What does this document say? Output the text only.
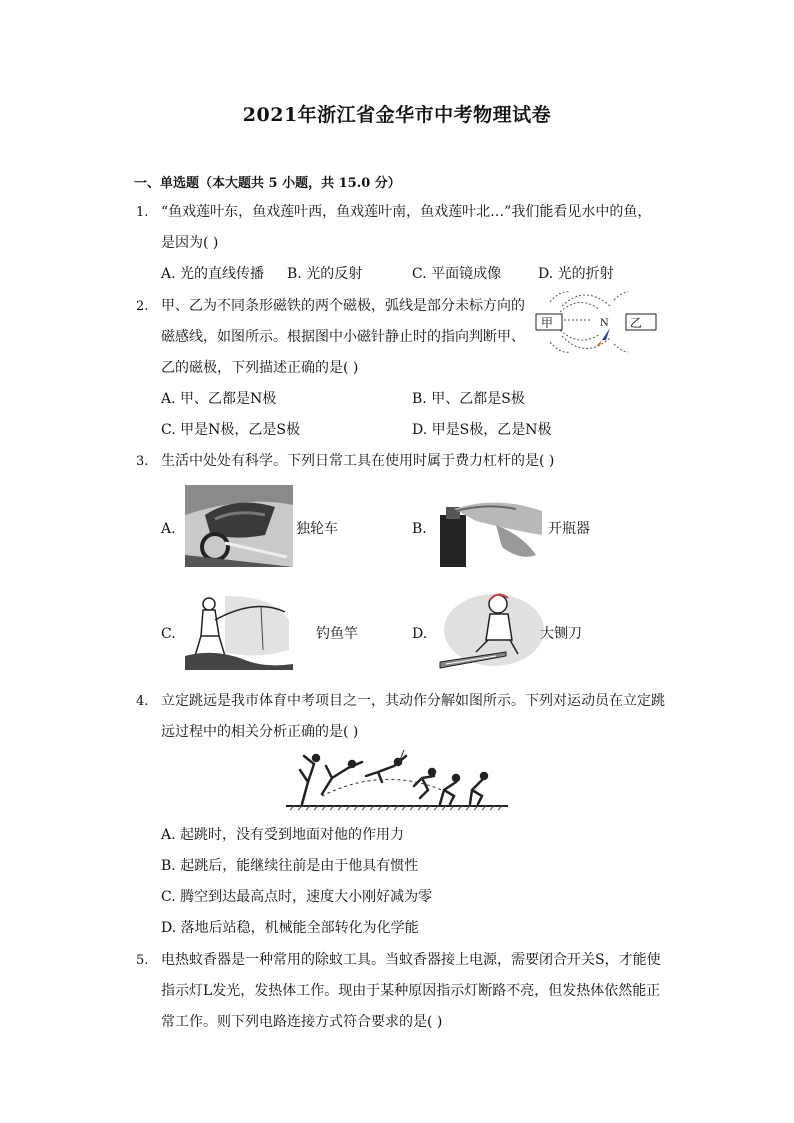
2021年浙江省金华市中考物理试卷
一、单选题（本大题共 5 小题，共 15.0 分）
1. “鱼戏莲叶东，鱼戏莲叶西，鱼戏莲叶南，鱼戏莲叶北…”我们能看见水中的鱼，
是因为( )
A. 光的直线传播 B. 光的反射	C. 平面镜成像	D. 光的折射
2. 甲、乙为不同条形磁铁的两个磁极，弧线是部分未标方向的
磁感线，如图所示。根据图中小磁针静止时的指向判断甲、
乙的磁极，下列描述正确的是( )
甲	乙
N
A. 甲、乙都是N极	B. 甲、乙都是S极
C. 甲是N极，乙是S极	D. 甲是S极，乙是N极
3. 生活中处处有科学。下列日常工具在使用时属于费力杠杆的是( )
A.	独轮车	B.	开瓶器
C.	钓鱼竿	D.	大铡刀
4. 立定跳远是我市体育中考项目之一，其动作分解如图所示。下列对运动员在立定跳
远过程中的相关分析正确的是( )
A. 起跳时，没有受到地面对他的作用力
B. 起跳后，能继续往前是由于他具有惯性
C. 腾空到达最高点时，速度大小刚好减为零
D. 落地后站稳，机械能全部转化为化学能
5. 电热蚊香器是一种常用的除蚊工具。当蚊香器接上电源，需要闭合开关S，才能使
指示灯L发光，发热体工作。现由于某种原因指示灯断路不亮，但发热体依然能正
常工作。则下列电路连接方式符合要求的是( )
